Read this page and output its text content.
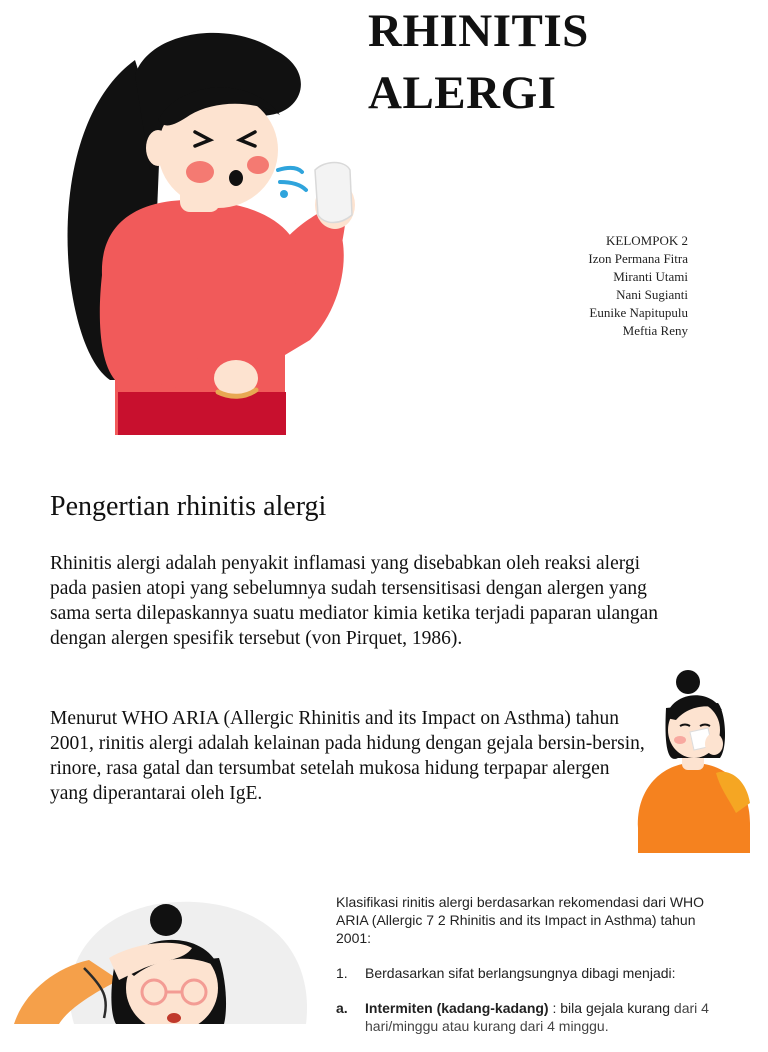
RHINITIS
ALERGI
KELOMPOK 2
Izon Permana Fitra
Miranti Utami
Nani Sugianti
Eunike Napitupulu
Meftia Reny
Pengertian rhinitis alergi

Rhinitis alergi adalah penyakit inflamasi yang disebabkan oleh reaksi alergi pada pasien atopi yang sebelumnya sudah tersensitisasi dengan alergen yang sama serta dilepaskannya suatu mediator kimia ketika terjadi paparan ulangan dengan alergen spesifik tersebut (von Pirquet, 1986).

Menurut WHO ARIA (Allergic Rhinitis and its Impact on Asthma) tahun 2001, rinitis alergi adalah kelainan pada hidung dengan gejala bersin-bersin, rinore, rasa gatal dan tersumbat setelah mukosa hidung terpapar alergen yang diperantarai oleh IgE.

Klasifikasi rinitis alergi berdasarkan rekomendasi dari WHO ARIA (Allergic 7 2 Rhinitis and its Impact in Asthma) tahun 2001:

1. Berdasarkan sifat berlangsungnya dibagi menjadi:
a. Intermiten (kadang-kadang) : bila gejala kurang dari 4 hari/minggu atau kurang dari 4 minggu.
